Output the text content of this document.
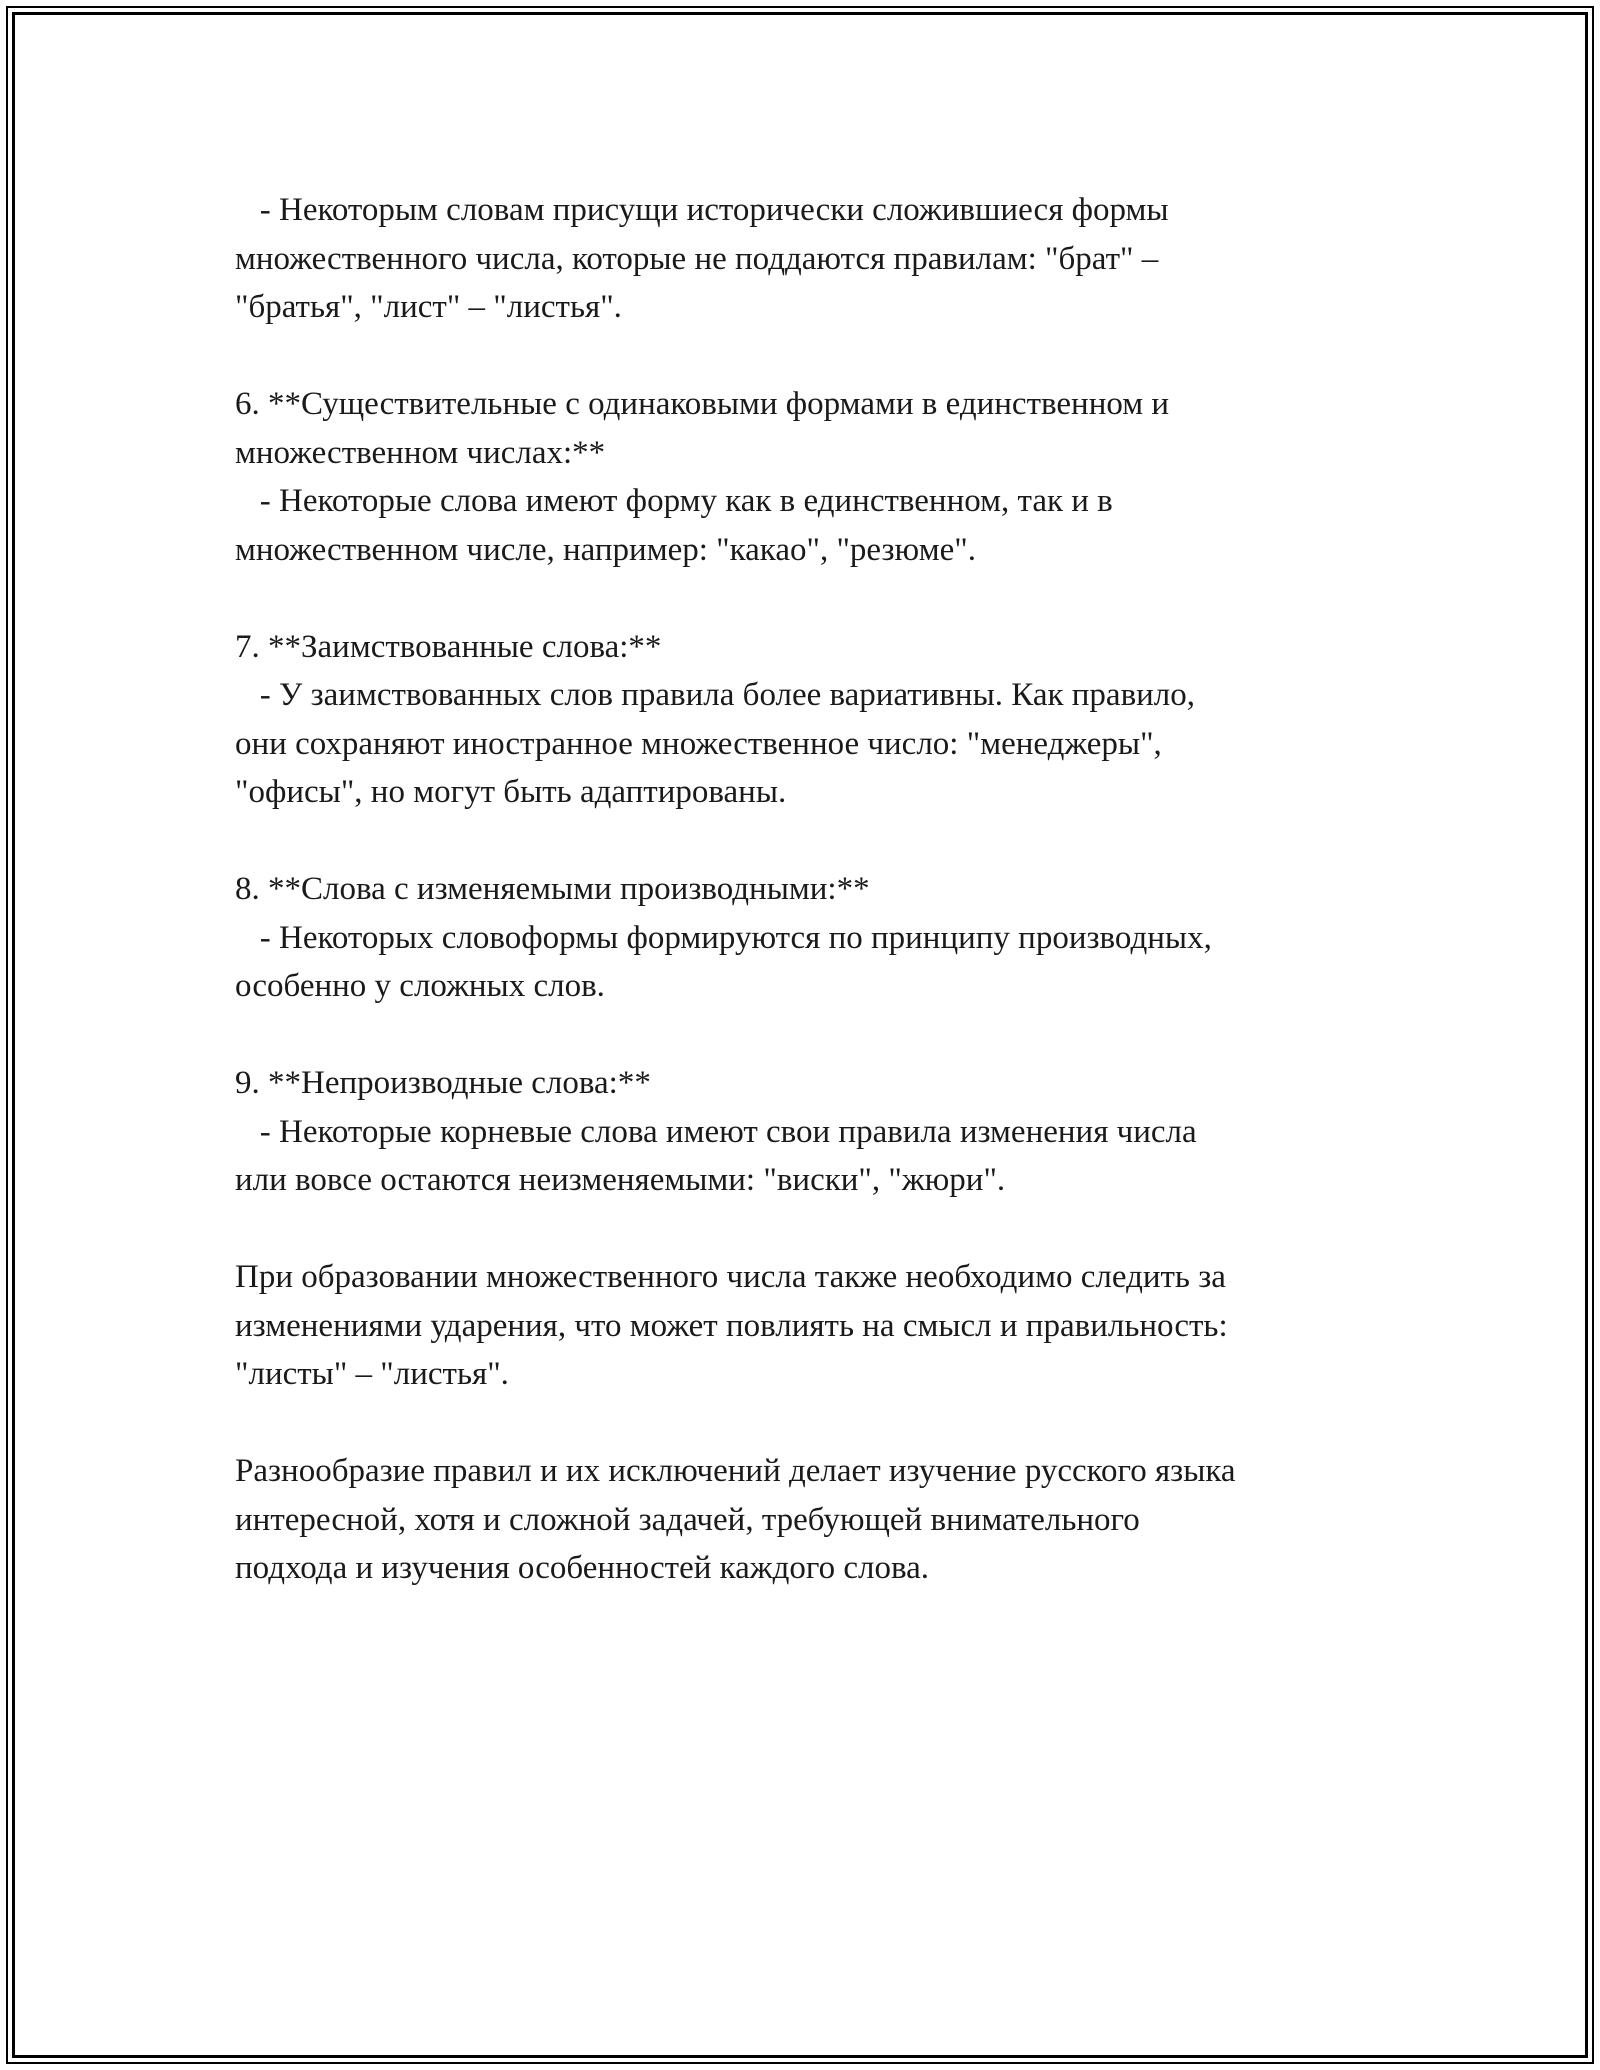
- Некоторым словам присущи исторически сложившиеся формы
множественного числа, которые не поддаются правилам: "брат" –
"братья", "лист" – "листья".
6. **Существительные с одинаковыми формами в единственном и
множественном числах:**
- Некоторые слова имеют форму как в единственном, так и в
множественном числе, например: "какао", "резюме".
7. **Заимствованные слова:**
- У заимствованных слов правила более вариативны. Как правило,
они сохраняют иностранное множественное число: "менеджеры",
"офисы", но могут быть адаптированы.
8. **Слова с изменяемыми производными:**
- Некоторых словоформы формируются по принципу производных,
особенно у сложных слов.
9. **Непроизводные слова:**
- Некоторые корневые слова имеют свои правила изменения числа
или вовсе остаются неизменяемыми: "виски", "жюри".
При образовании множественного числа также необходимо следить за
изменениями ударения, что может повлиять на смысл и правильность:
"листы" – "листья".
Разнообразие правил и их исключений делает изучение русского языка
интересной, хотя и сложной задачей, требующей внимательного
подхода и изучения особенностей каждого слова.
